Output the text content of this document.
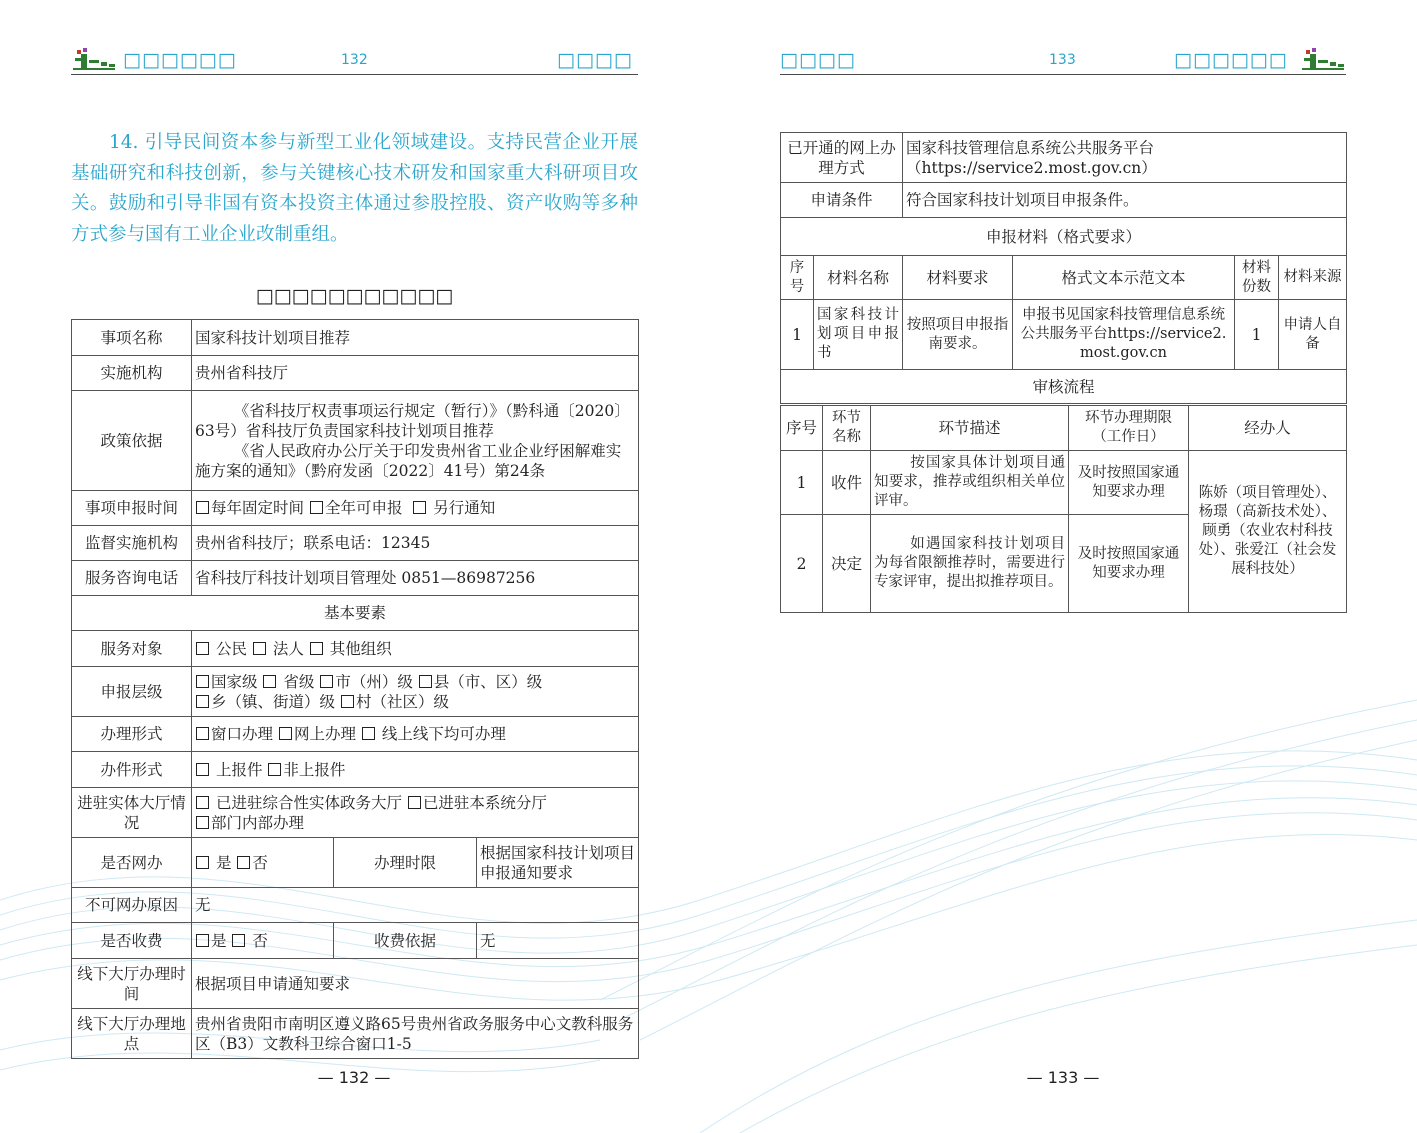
□□□□□□	132	□□□□
14. 引导民间资本参与新型工业化领域建设。支持民营企业开展基础研究和科技创新，参与关键核心技术研发和国家重大科研项目攻关。鼓励和引导非国有资本投资主体通过参股控股、资产收购等多种方式参与国有工业企业改制重组。
□□□□□□□□□□□
事项名称	国家科技计划项目推荐		
实施机构	贵州省科技厅		
政策依据	《省科技厅权责事项运行规定（暂行）》（黔科通〔2020〕63号）省科技厅负责国家科技计划项目推荐
《省人民政府办公厅关于印发贵州省工业企业纾困解难实施方案的通知》（黔府发函〔2022〕41号）第24条		

事项申报时间	每年固定时间 全年可申报 另行通知		
监督实施机构	贵州省科技厅；联系电话：12345		
服务咨询电话	省科技厅科技计划项目管理处 0851—86987256		
基本要素			
服务对象	公民 法人 其他组织		
申报层级	国家级 省级 市（州）级 县（市、区）级
乡（镇、街道）级 村（社区）级		

办理形式	窗口办理 网上办理 线上线下均可办理		
办件形式	上报件 非上报件		
进驻实体大厅情况	已进驻综合性实体政务大厅 已进驻本系统分厅
部门内部办理		

是否网办	是 否	办理时限	根据国家科技计划项目申报通知要求
不可网办原因	无		
是否收费	是 否	收费依据	无
线下大厅办理时间	根据项目申请通知要求		
线下大厅办理地点	贵州省贵阳市南明区遵义路65号贵州省政务服务中心文教科服务区（B3）文教科卫综合窗口1-5		
— 132 —
□□□□	133	□□□□□□
已开通的网上办理方式		国家科技管理信息系统公共服务平台
（https://service2.most.gov.cn）			

申请条件		符合国家科技计划项目申报条件。			
申报材料（格式要求）					
序号	材料名称	材料要求	格式文本示范文本	材料份数	材料来源
1	国家科技计划项目申报书	按照项目申报指南要求。	申报书见国家科技管理信息系统公共服务平台https://service2.most.gov.cn	1	申请人自备
审核流程					
序号	环节名称	环节描述	环节办理期限（工作日）	经办人
1	收件	按国家具体计划项目通知要求，推荐或组织相关单位评审。	及时按照国家通知要求办理	陈娇（项目管理处）、杨璟（高新技术处）、顾勇（农业农村科技处）、张爱江（社会发展科技处）
2	决定	如遇国家科技计划项目为每省限额推荐时，需要进行专家评审，提出拟推荐项目。	及时按照国家通知要求办理	
— 133 —
